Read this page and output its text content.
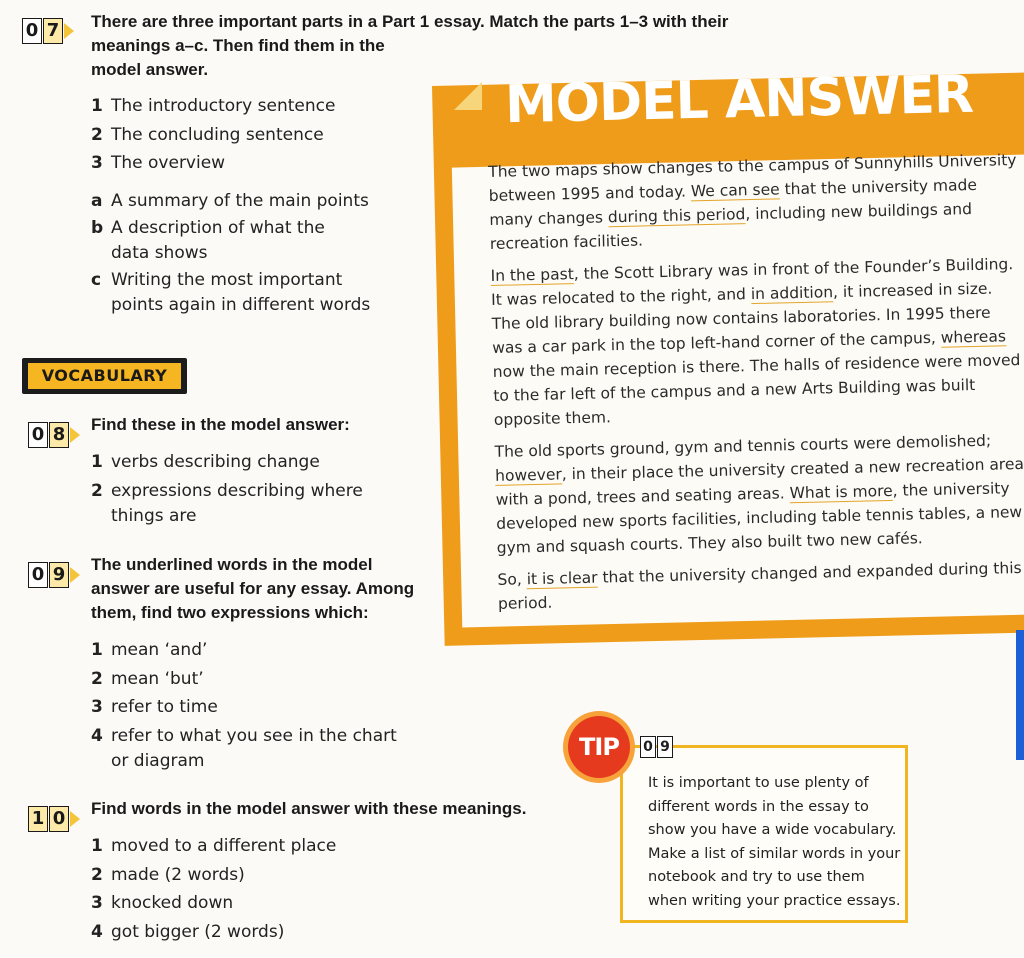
0 7 There are three important parts in a Part 1 essay. Match the parts 1–3 with their
meanings a–c. Then find them in the
model answer.
1 The introductory sentence
2 The concluding sentence
3 The overview
a A summary of the main points
b A description of what the
data shows
c Writing the most important
points again in different words
VOCABULARY
0 8 Find these in the model answer:
1 verbs describing change
2 expressions describing where
things are
0 9 The underlined words in the model
answer are useful for any essay. Among
them, find two expressions which:
1 mean ‘and’
2 mean ‘but’
3 refer to time
4 refer to what you see in the chart
or diagram
1 0 Find words in the model answer with these meanings.
1 moved to a different place
2 made (2 words)
3 knocked down
4 got bigger (2 words)
MODEL ANSWER

The two maps show changes to the campus of Sunnyhills University between 1995 and today. We can see that the university made many changes during this period, including new buildings and recreation facilities.

In the past, the Scott Library was in front of the Founder’s Building. It was relocated to the right, and in addition, it increased in size. The old library building now contains laboratories. In 1995 there was a car park in the top left-hand corner of the campus, whereas now the main reception is there. The halls of residence were moved to the far left of the campus and a new Arts Building was built opposite them.

The old sports ground, gym and tennis courts were demolished; however, in their place the university created a new recreation area with a pond, trees and seating areas. What is more, the university developed new sports facilities, including table tennis tables, a new gym and squash courts. They also built two new cafés.

So, it is clear that the university changed and expanded during this period.

TIP	0 9
It is important to use plenty of different words in the essay to show you have a wide vocabulary. Make a list of similar words in your notebook and try to use them when writing your practice essays.
